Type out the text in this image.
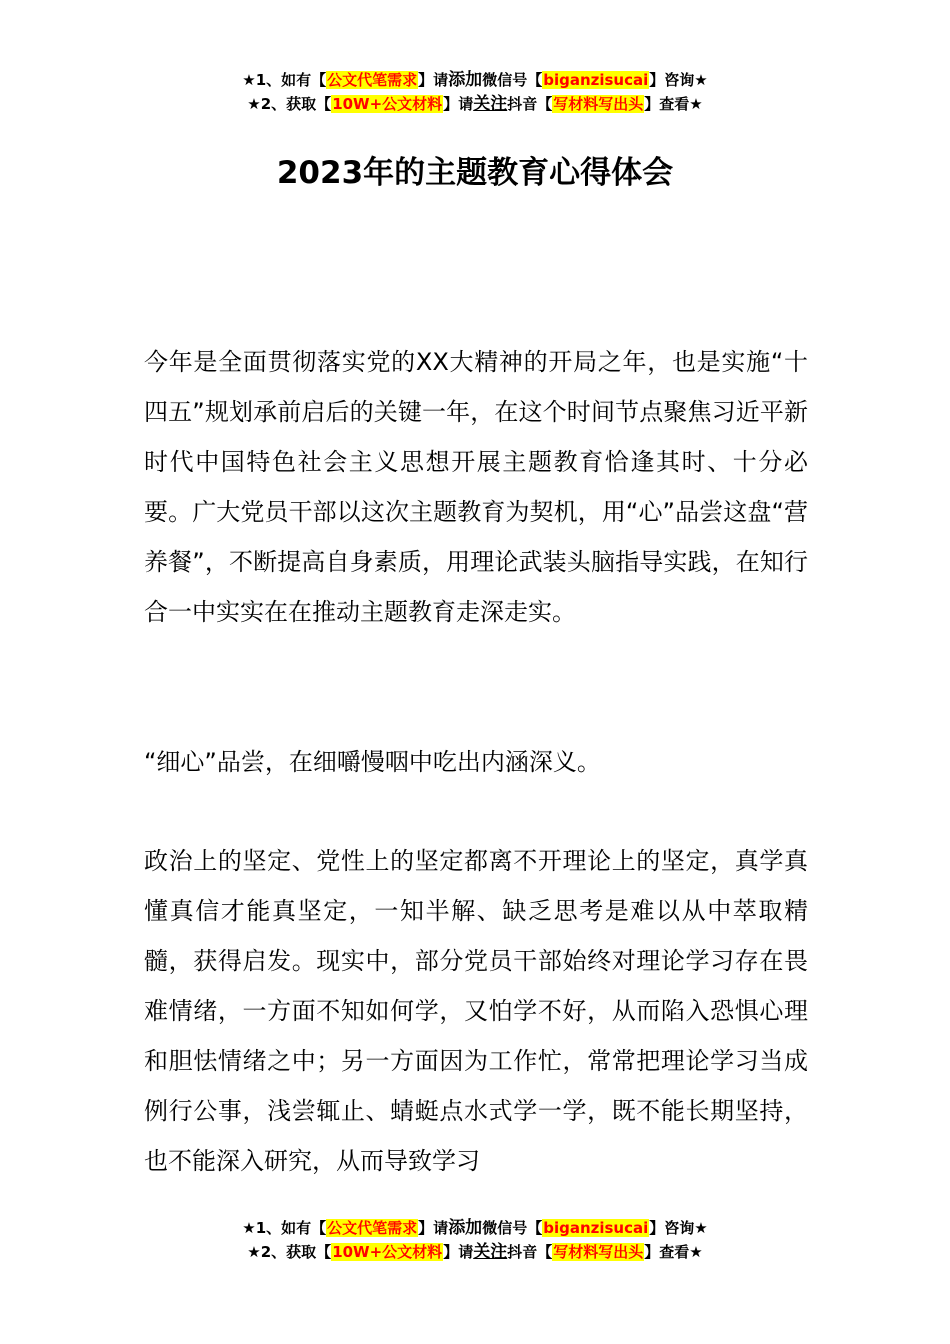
★1、如有【公文代笔需求】请添加微信号【biganzisucai】咨询★
★2、获取【10W+公文材料】请关注抖音【写材料写出头】查看★
2023年的主题教育心得体会

今年是全面贯彻落实党的XX大精神的开局之年，也是实施“十四五”规划承前启后的关键一年，在这个时间节点聚焦习近平新时代中国特色社会主义思想开展主题教育恰逢其时、十分必要。广大党员干部以这次主题教育为契机，用“心”品尝这盘“营养餐”，不断提高自身素质，用理论武装头脑指导实践，在知行合一中实实在在推动主题教育走深走实。

“细心”品尝，在细嚼慢咽中吃出内涵深义。

政治上的坚定、党性上的坚定都离不开理论上的坚定，真学真懂真信才能真坚定，一知半解、缺乏思考是难以从中萃取精髓，获得启发。现实中，部分党员干部始终对理论学习存在畏难情绪，一方面不知如何学，又怕学不好，从而陷入恐惧心理和胆怯情绪之中；另一方面因为工作忙，常常把理论学习当成例行公事，浅尝辄止、蜻蜓点水式学一学，既不能长期坚持，也不能深入研究，从而导致学习

★1、如有【公文代笔需求】请添加微信号【biganzisucai】咨询★
★2、获取【10W+公文材料】请关注抖音【写材料写出头】查看★
